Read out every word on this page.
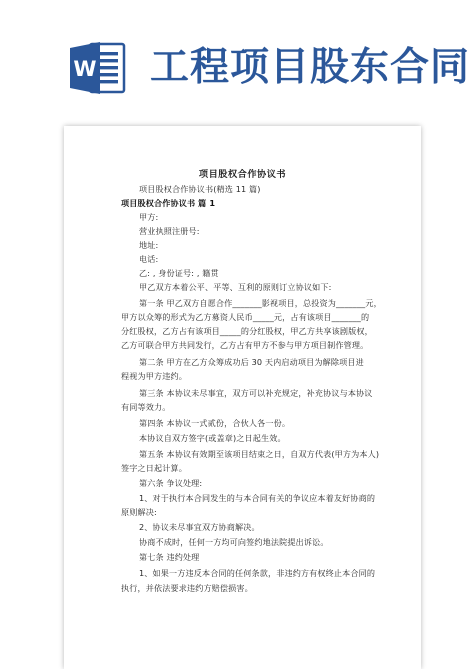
W 工程项目股东合同
项目股权合作协议书
项目股权合作协议书(精选 11 篇)
项目股权合作协议书 篇 1
甲方:
营业执照注册号:
地址:
电话:
乙: , 身份证号: , 籍贯
甲乙双方本着公平、平等、互利的原则订立协议如下:
第一条 甲乙双方自愿合作_______影视项目，总投资为_______元，
甲方以众筹的形式为乙方募资人民币_____元，占有该项目_______的
分红股权，乙方占有该项目_____的分红股权，甲乙方共享该剧版权，
乙方可联合甲方共同发行，乙方占有甲方不参与甲方项目制作管理。
第二条 甲方在乙方众筹成功后 30 天内启动项目为解除项目进
程视为甲方违约。
第三条 本协议未尽事宜，双方可以补充规定，补充协议与本协议
有同等效力。
第四条 本协议一式贰份，合伙人各一份。
本协议自双方签字(或盖章)之日起生效。
第五条 本协议有效期至该项目结束之日，自双方代表(甲方为本人)
签字之日起计算。
第六条 争议处理:
1、对于执行本合同发生的与本合同有关的争议应本着友好协商的
原则解决:
2、协议未尽事宜双方协商解决。
协商不成时，任何一方均可向签约地法院提出诉讼。
第七条 违约处理
1、如果一方违反本合同的任何条款，非违约方有权终止本合同的
执行，并依法要求违约方赔偿损害。
